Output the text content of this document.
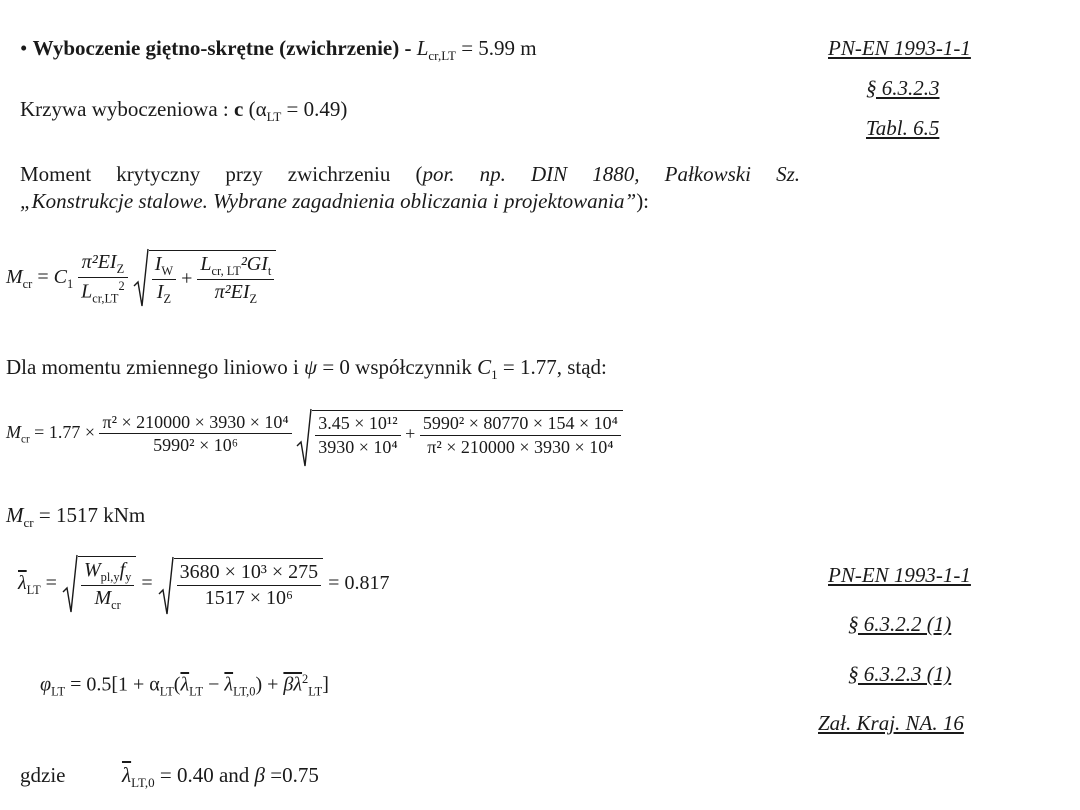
PN-EN 1993-1-1
§ 6.3.2.3
Tabl. 6.5
PN-EN 1993-1-1
§ 6.3.2.2 (1)
§ 6.3.2.3 (1)
Zał. Kraj. NA. 16
• Wyboczenie giętno-skrętne (zwichrzenie) - $L_{cr,LT} = 5.99$ m
Krzywa wyboczeniowa : c $(\alpha_{LT} = 0.49)$
Moment krytyczny przy zwichrzeniu (por. np. DIN 1880, Pałkowski Sz.
„Konstrukcje stalowe. Wybrane zagadnienia obliczania i projektowania”):
$M_{cr} = C_1 \frac{\pi^2EI_Z}{L_{cr,LT}^2}$
$\frac{I_W}{I_Z} + \frac{L_{cr, LT}^2GI_t}{\pi^2EI_Z}$
Dla momentu zmiennego liniowo i ψ = 0 współczynnik $C_1 = 1.77$, stąd:
$M_{cr} = 1.77 \times \frac{\text{π² × 210000 × 3930 × 10⁴}}{\text{5990² × 10⁶}}$
$\frac{\text{3.45 × 10¹²}}{\text{3930 × 10⁴}} + \frac{\text{5990² × 80770 × 154 × 10⁴}}{\text{π² × 210000 × 3930 × 10⁴}}$
$M_{cr} = 1517$ kNm
$\overline{\lambda}_{LT} = \frac{W_{pl,y}f_y}{M_{cr}} = \frac{\text{3680 × 10³ × 275}}{\text{1517 × 10⁶}} = 0.817$
$\varphi_{LT} = 0.5[1 + \alpha_{LT}(\overline{\lambda}_{LT} - \overline{\lambda}_{LT,0}) + \overline{\beta\lambda}^2_{LT}]$
gdzie	$\overline{\lambda}_{LT,0} = 0.40$ and β =0.75
